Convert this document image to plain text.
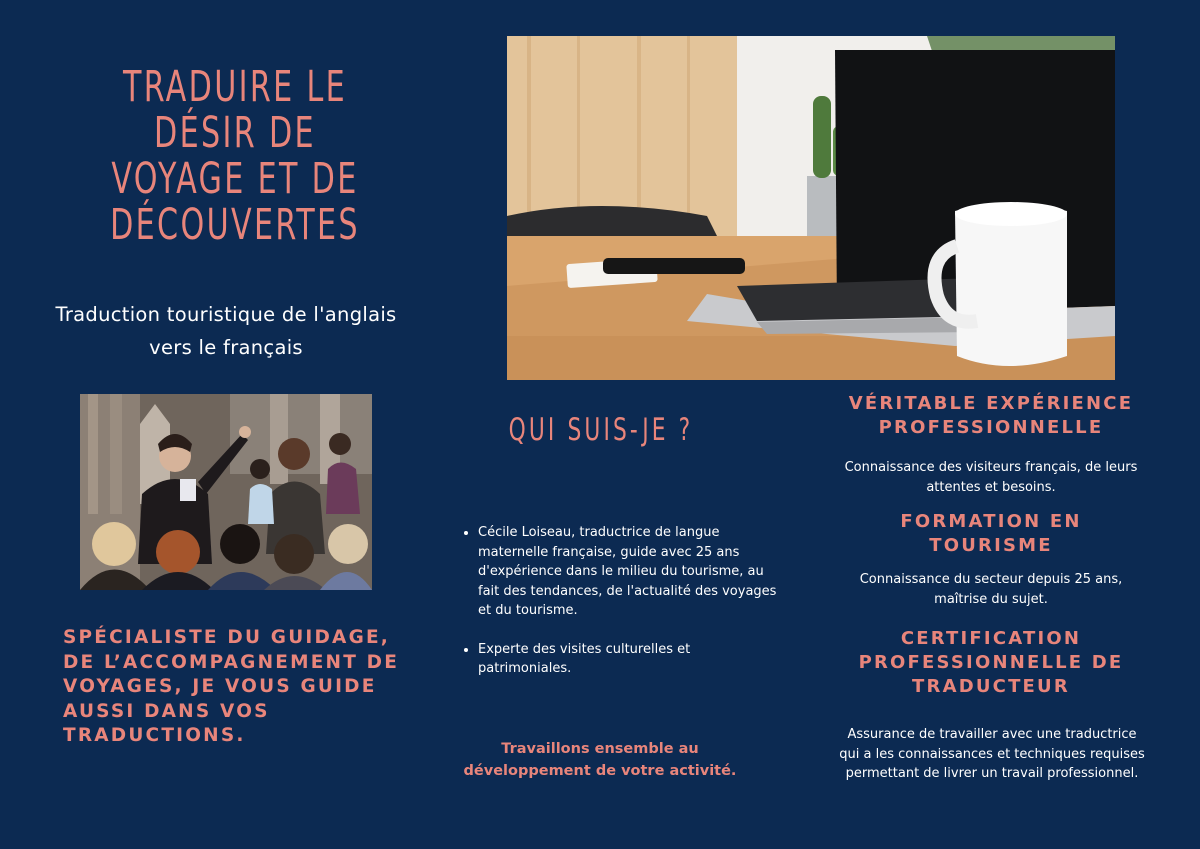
TRADUIRE LE DÉSIR DE VOYAGE ET DE DÉCOUVERTES

Traduction touristique de l'anglais vers le français

SPÉCIALISTE DU GUIDAGE, DE L’ACCOMPAGNEMENT DE VOYAGES, JE VOUS GUIDE AUSSI DANS VOS TRADUCTIONS.

QUI SUIS-JE ?
• Cécile Loiseau, traductrice de langue maternelle française, guide avec 25 ans d'expérience dans le milieu du tourisme, au fait des tendances, de l'actualité des voyages et du tourisme.
• Experte des visites culturelles et patrimoniales.

Travaillons ensemble au développement de votre activité.

VÉRITABLE EXPÉRIENCE PROFESSIONNELLE

Connaissance des visiteurs français, de leurs attentes et besoins.

FORMATION EN TOURISME

Connaissance du secteur depuis 25 ans, maîtrise du sujet.

CERTIFICATION PROFESSIONNELLE DE TRADUCTEUR

Assurance de travailler avec une traductrice qui a les connaissances et techniques requises permettant de livrer un travail professionnel.
